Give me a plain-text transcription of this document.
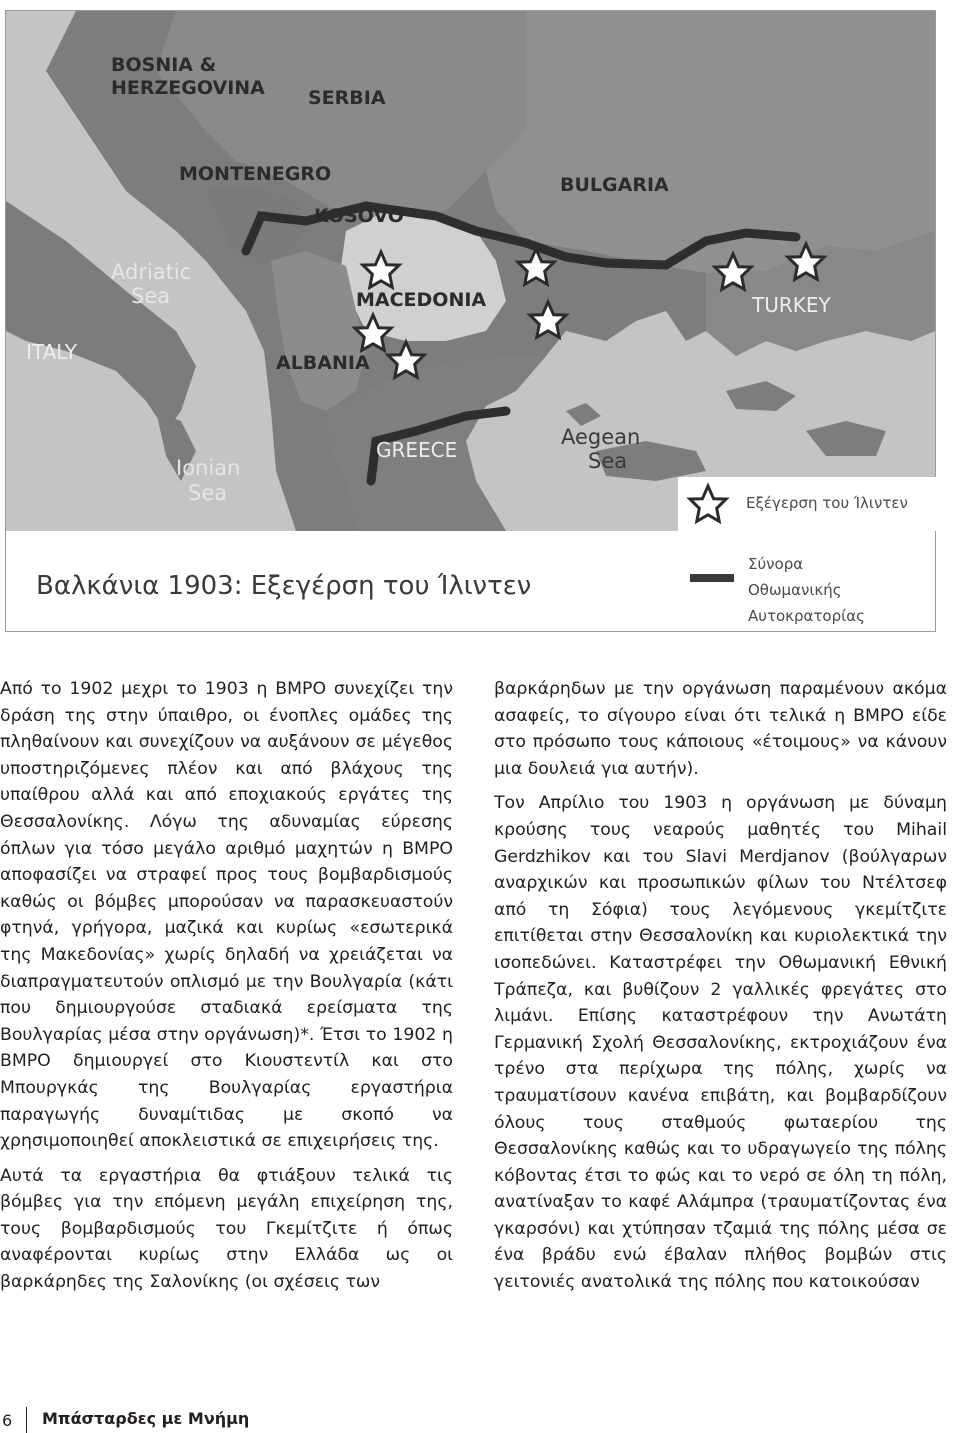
BOSNIA &
HERZEGOVINA SERBIA
MONTENEGRO	BULGARIA
KOSOVO
Adriatic
Sea	MACEDONIA	TURKEY
ITALY	ALBANIA
GREECE
Aegean
Sea
Ionian
Sea	Εξέγερση του Ίλιντεν
Βαλκάνια 1903: Εξεγέρση του Ίλιντεν
Σύνορα
Οθωμανικής
Αυτοκρατορίας

Από το 1902 μεχρι το 1903 η ΒΜΡΟ συνεχίζει την δράση της στην ύπαιθρο, οι ένοπλες ομάδες της πληθαίνουν και συνεχίζουν να αυξάνουν σε μέγεθος υποστηριζόμενες πλέον και από βλάχους της υπαίθρου αλλά και από εποχιακούς εργάτες της Θεσσαλονίκης. Λόγω της αδυναμίας εύρεσης όπλων για τόσο μεγάλο αριθμό μαχητών η ΒΜΡΟ αποφασίζει να στραφεί προς τους βομβαρδισμούς καθώς οι βόμβες μπορούσαν να παρασκευαστούν φτηνά, γρήγορα, μαζικά και κυρίως «εσωτερικά της Μακεδονίας» χωρίς δηλαδή να χρειάζεται να διαπραγματευτούν οπλισμό με την Βουλγαρία (κάτι που δημιουργούσε σταδιακά ερείσματα της Βουλγαρίας μέσα στην οργάνωση)*. Έτσι το 1902 η ΒΜΡΟ δημιουργεί στο Κιουστεντίλ και στο Μπουργκάς της Βουλγαρίας εργαστήρια παραγωγής δυναμίτιδας με σκοπό να χρησιμοποιηθεί αποκλειστικά σε επιχειρήσεις της.

Αυτά τα εργαστήρια θα φτιάξουν τελικά τις βόμβες για την επόμενη μεγάλη επιχείρηση της, τους βομβαρδισμούς του Γκεμίτζιτε ή όπως αναφέρονται κυρίως στην Ελλάδα ως οι βαρκάρηδες της Σαλονίκης (οι σχέσεις των

βαρκάρηδων με την οργάνωση παραμένουν ακόμα ασαφείς, το σίγουρο είναι ότι τελικά η ΒΜΡΟ είδε στο πρόσωπο τους κάποιους «έτοιμους» να κάνουν μια δουλειά για αυτήν).

Τον Απρίλιο του 1903 η οργάνωση με δύναμη κρούσης τους νεαρούς μαθητές του Mihail Gerdzhikov και του Slavi Merdjanov (βούλγαρων αναρχικών και προσωπικών φίλων του Ντέλτσεφ από τη Σόφια) τους λεγόμενους γκεμίτζιτε επιτίθεται στην Θεσσαλονίκη και κυριολεκτικά την ισοπεδώνει. Καταστρέφει την Οθωμανική Εθνική Τράπεζα, και βυθίζουν 2 γαλλικές φρεγάτες στο λιμάνι. Επίσης καταστρέφουν την Ανωτάτη Γερμανική Σχολή Θεσσαλονίκης, εκτροχιάζουν ένα τρένο στα περίχωρα της πόλης, χωρίς να τραυματίσουν κανένα επιβάτη, και βομβαρδίζουν όλους τους σταθμούς φωταερίου της Θεσσαλονίκης καθώς και το υδραγωγείο της πόλης κόβοντας έτσι το φώς και το νερό σε όλη τη πόλη, ανατίναξαν το καφέ Αλάμπρα (τραυματίζοντας ένα γκαρσόνι) και χτύπησαν τζαμιά της πόλης μέσα σε ένα βράδυ ενώ έβαλαν πλήθος βομβών στις γειτονιές ανατολικά της πόλης που κατοικούσαν

6 Μπάσταρδες με Μνήμη
